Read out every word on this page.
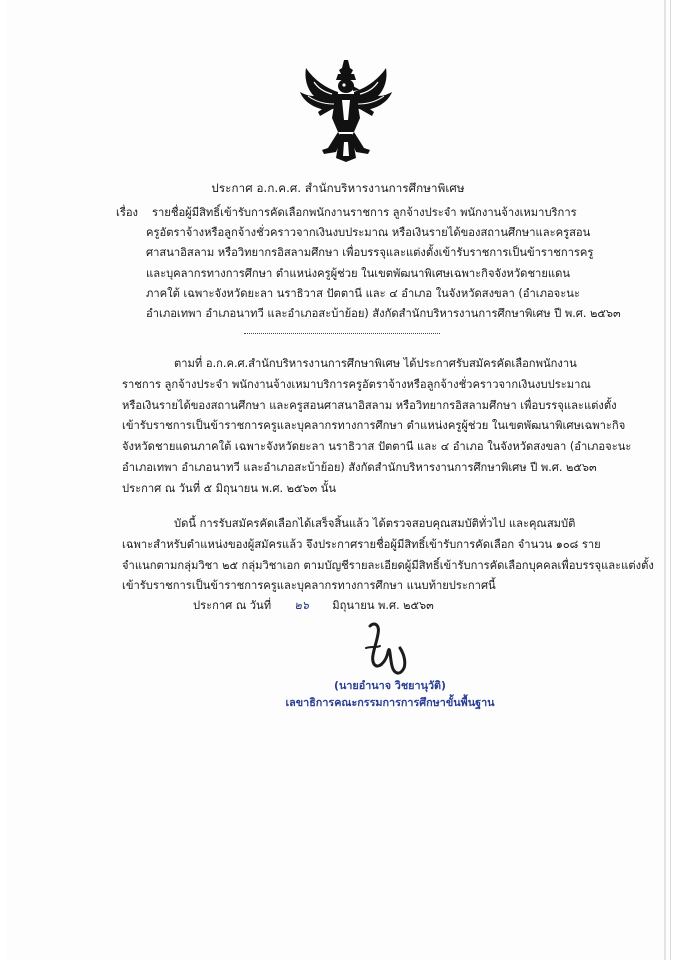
ประกาศ อ.ก.ค.ศ. สำนักบริหารงานการศึกษาพิเศษ
เรื่อง รายชื่อผู้มีสิทธิ์เข้ารับการคัดเลือกพนักงานราชการ ลูกจ้างประจำ พนักงานจ้างเหมาบริการ
ครูอัตราจ้างหรือลูกจ้างชั่วคราวจากเงินงบประมาณ หรือเงินรายได้ของสถานศึกษาและครูสอน
ศาสนาอิสลาม หรือวิทยากรอิสลามศึกษา เพื่อบรรจุและแต่งตั้งเข้ารับราชการเป็นข้าราชการครู
และบุคลากรทางการศึกษา ตำแหน่งครูผู้ช่วย ในเขตพัฒนาพิเศษเฉพาะกิจจังหวัดชายแดน
ภาคใต้ เฉพาะจังหวัดยะลา นราธิวาส ปัตตานี และ ๔ อำเภอ ในจังหวัดสงขลา (อำเภอจะนะ
อำเภอเทพา อำเภอนาทวี และอำเภอสะบ้าย้อย) สังกัดสำนักบริหารงานการศึกษาพิเศษ ปี พ.ศ. ๒๕๖๓
ตามที่ อ.ก.ค.ศ.สำนักบริหารงานการศึกษาพิเศษ ได้ประกาศรับสมัครคัดเลือกพนักงาน
ราชการ ลูกจ้างประจำ พนักงานจ้างเหมาบริการครูอัตราจ้างหรือลูกจ้างชั่วคราวจากเงินงบประมาณ
หรือเงินรายได้ของสถานศึกษา และครูสอนศาสนาอิสลาม หรือวิทยากรอิสลามศึกษา เพื่อบรรจุและแต่งตั้ง
เข้ารับราชการเป็นข้าราชการครูและบุคลากรทางการศึกษา ตำแหน่งครูผู้ช่วย ในเขตพัฒนาพิเศษเฉพาะกิจ
จังหวัดชายแดนภาคใต้ เฉพาะจังหวัดยะลา นราธิวาส ปัตตานี และ ๔ อำเภอ ในจังหวัดสงขลา (อำเภอจะนะ
อำเภอเทพา อำเภอนาทวี และอำเภอสะบ้าย้อย) สังกัดสำนักบริหารงานการศึกษาพิเศษ ปี พ.ศ. ๒๕๖๓
ประกาศ ณ วันที่ ๕ มิถุนายน พ.ศ. ๒๕๖๓ นั้น
บัดนี้ การรับสมัครคัดเลือกได้เสร็จสิ้นแล้ว ได้ตรวจสอบคุณสมบัติทั่วไป และคุณสมบัติ
เฉพาะสำหรับตำแหน่งของผู้สมัครแล้ว จึงประกาศรายชื่อผู้มีสิทธิ์เข้ารับการคัดเลือก จำนวน ๑๐๘ ราย
จำแนกตามกลุ่มวิชา ๒๕ กลุ่มวิชาเอก ตามบัญชีรายละเอียดผู้มีสิทธิ์เข้ารับการคัดเลือกบุคคลเพื่อบรรจุและแต่งตั้ง
เข้ารับราชการเป็นข้าราชการครูและบุคลากรทางการศึกษา แนบท้ายประกาศนี้
ประกาศ ณ วันที่ ๒๖ มิถุนายน พ.ศ. ๒๕๖๓
(นายอำนาจ วิชยานุวัติ)
เลขาธิการคณะกรรมการการศึกษาขั้นพื้นฐาน
